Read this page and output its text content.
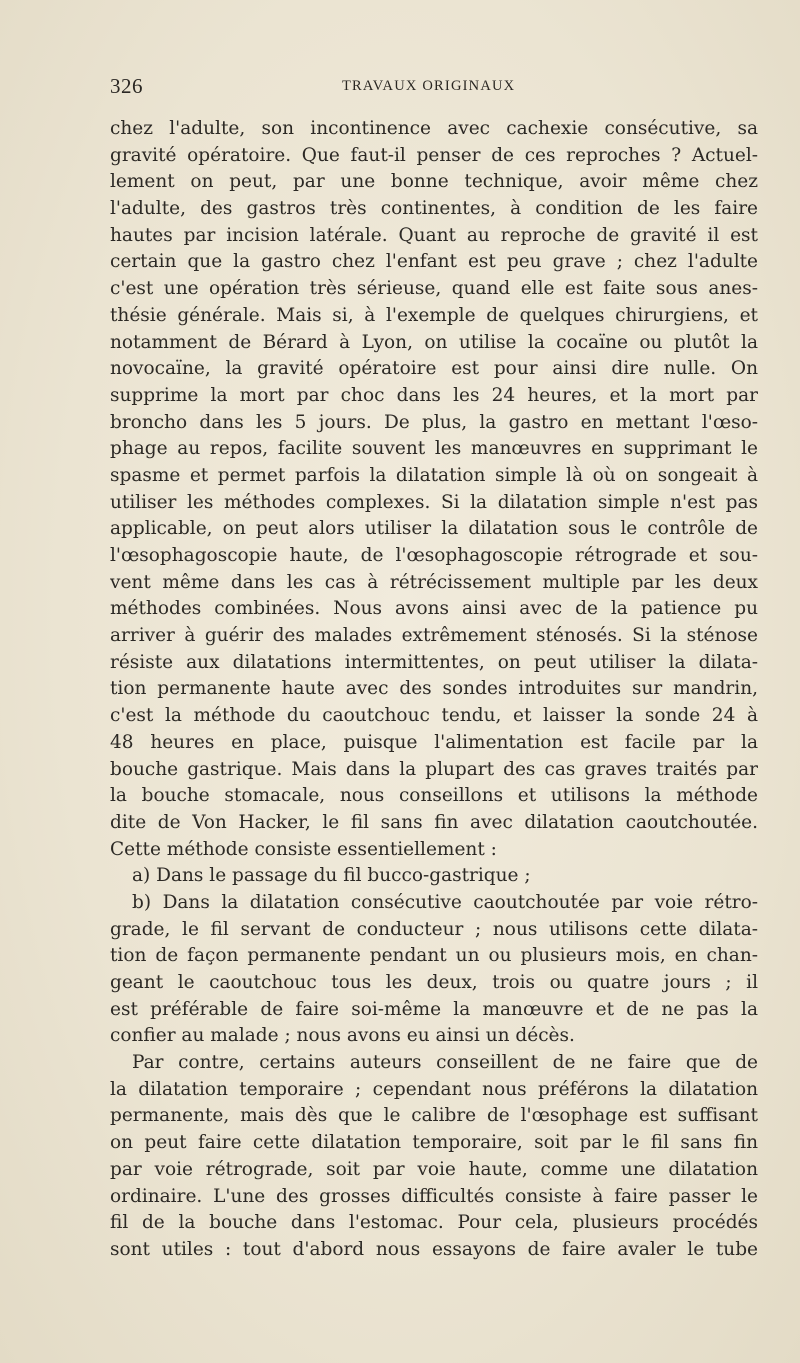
326	TRAVAUX ORIGINAUX
chez l'adulte, son incontinence avec cachexie consécutive, sa
gravité opératoire. Que faut-il penser de ces reproches ? Actuel-
lement on peut, par une bonne technique, avoir même chez
l'adulte, des gastros très continentes, à condition de les faire
hautes par incision latérale. Quant au reproche de gravité il est
certain que la gastro chez l'enfant est peu grave ; chez l'adulte
c'est une opération très sérieuse, quand elle est faite sous anes-
thésie générale. Mais si, à l'exemple de quelques chirurgiens, et
notamment de Bérard à Lyon, on utilise la cocaïne ou plutôt la
novocaïne, la gravité opératoire est pour ainsi dire nulle. On
supprime la mort par choc dans les 24 heures, et la mort par
broncho dans les 5 jours. De plus, la gastro en mettant l'œso-
phage au repos, facilite souvent les manœuvres en supprimant le
spasme et permet parfois la dilatation simple là où on songeait à
utiliser les méthodes complexes. Si la dilatation simple n'est pas
applicable, on peut alors utiliser la dilatation sous le contrôle de
l'œsophagoscopie haute, de l'œsophagoscopie rétrograde et sou-
vent même dans les cas à rétrécissement multiple par les deux
méthodes combinées. Nous avons ainsi avec de la patience pu
arriver à guérir des malades extrêmement sténosés. Si la sténose
résiste aux dilatations intermittentes, on peut utiliser la dilata-
tion permanente haute avec des sondes introduites sur mandrin,
c'est la méthode du caoutchouc tendu, et laisser la sonde 24 à
48 heures en place, puisque l'alimentation est facile par la
bouche gastrique. Mais dans la plupart des cas graves traités par
la bouche stomacale, nous conseillons et utilisons la méthode
dite de Von Hacker, le fil sans fin avec dilatation caoutchoutée.
Cette méthode consiste essentiellement :
a) Dans le passage du fil bucco-gastrique ;
b) Dans la dilatation consécutive caoutchoutée par voie rétro-
grade, le fil servant de conducteur ; nous utilisons cette dilata-
tion de façon permanente pendant un ou plusieurs mois, en chan-
geant le caoutchouc tous les deux, trois ou quatre jours ; il
est préférable de faire soi-même la manœuvre et de ne pas la
confier au malade ; nous avons eu ainsi un décès.
Par contre, certains auteurs conseillent de ne faire que de
la dilatation temporaire ; cependant nous préférons la dilatation
permanente, mais dès que le calibre de l'œsophage est suffisant
on peut faire cette dilatation temporaire, soit par le fil sans fin
par voie rétrograde, soit par voie haute, comme une dilatation
ordinaire. L'une des grosses difficultés consiste à faire passer le
fil de la bouche dans l'estomac. Pour cela, plusieurs procédés
sont utiles : tout d'abord nous essayons de faire avaler le tube
